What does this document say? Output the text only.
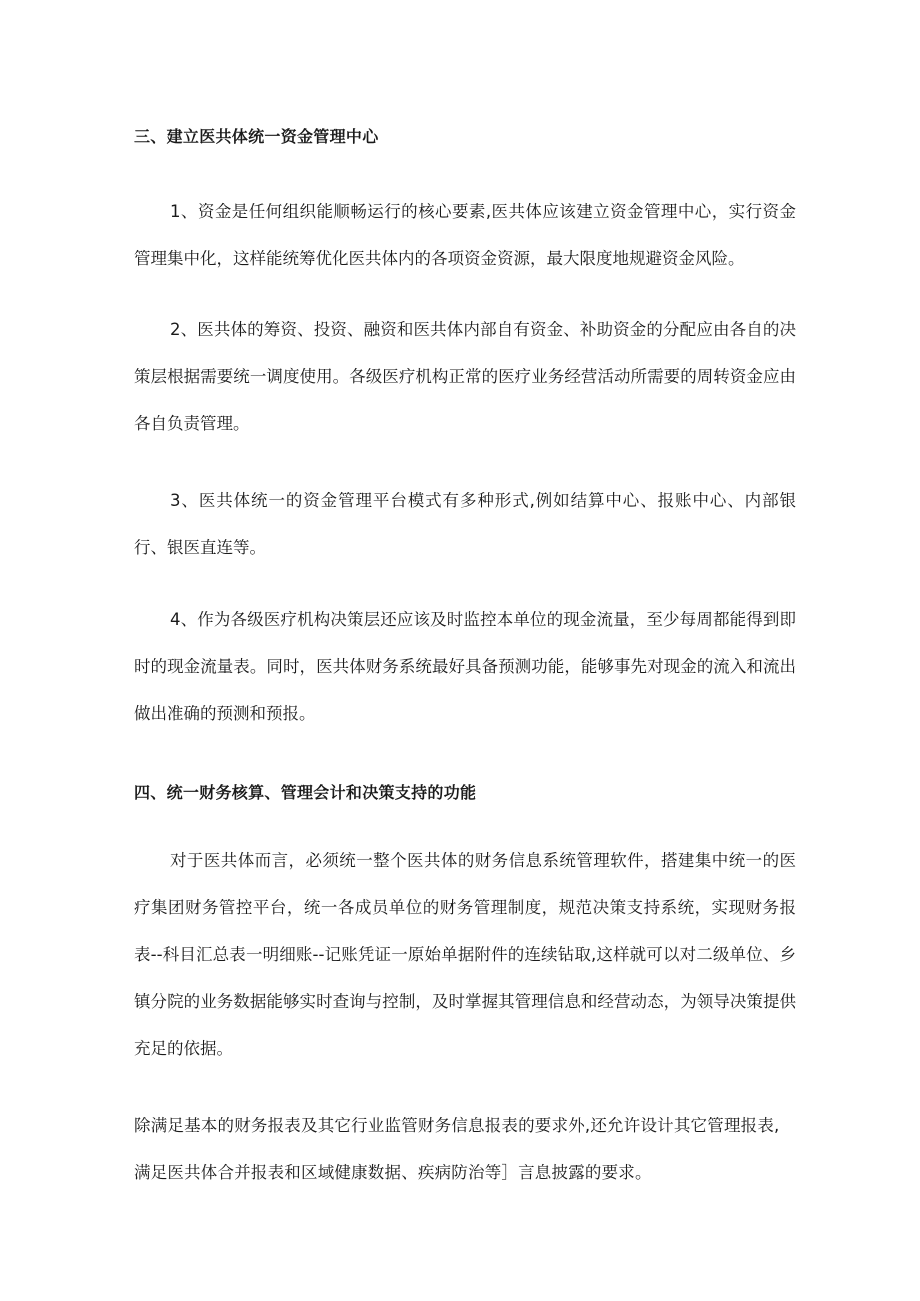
三、建立医共体统一资金管理中心
1、资金是任何组织能顺畅运行的核心要素,医共体应该建立资金管理中心，实行资金管理集中化，这样能统筹优化医共体内的各项资金资源，最大限度地规避资金风险。
2、医共体的筹资、投资、融资和医共体内部自有资金、补助资金的分配应由各自的决策层根据需要统一调度使用。各级医疗机构正常的医疗业务经营活动所需要的周转资金应由各自负责管理。
3、医共体统一的资金管理平台模式有多种形式,例如结算中心、报账中心、内部银行、银医直连等。
4、作为各级医疗机构决策层还应该及时监控本单位的现金流量，至少每周都能得到即时的现金流量表。同时，医共体财务系统最好具备预测功能，能够事先对现金的流入和流出做出准确的预测和预报。
四、统一财务核算、管理会计和决策支持的功能
对于医共体而言，必须统一整个医共体的财务信息系统管理软件，搭建集中统一的医疗集团财务管控平台，统一各成员单位的财务管理制度，规范决策支持系统，实现财务报表--科目汇总表一明细账--记账凭证一原始单据附件的连续钻取,这样就可以对二级单位、乡镇分院的业务数据能够实时查询与控制，及时掌握其管理信息和经营动态，为领导决策提供充足的依据。
除满足基本的财务报表及其它行业监管财务信息报表的要求外,还允许设计其它管理报表,
满足医共体合并报表和区域健康数据、疾病防治等］言息披露的要求。
